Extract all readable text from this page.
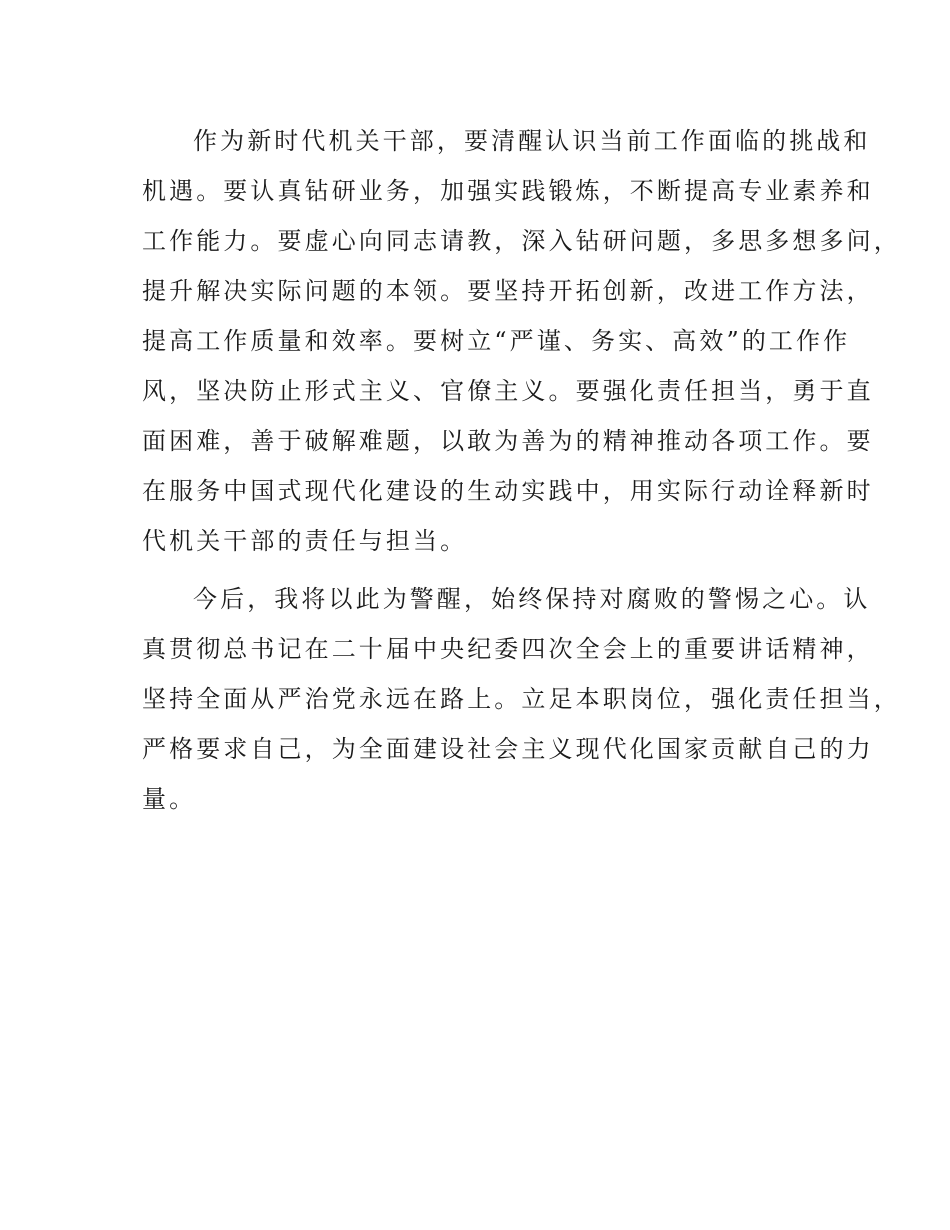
作为新时代机关干部，要清醒认识当前工作面临的挑战和
机遇。要认真钻研业务，加强实践锻炼，不断提高专业素养和
工作能力。要虚心向同志请教，深入钻研问题，多思多想多问，
提升解决实际问题的本领。要坚持开拓创新，改进工作方法，
提高工作质量和效率。要树立“严谨、务实、高效”的工作作
风，坚决防止形式主义、官僚主义。要强化责任担当，勇于直
面困难，善于破解难题，以敢为善为的精神推动各项工作。要
在服务中国式现代化建设的生动实践中，用实际行动诠释新时
代机关干部的责任与担当。

今后，我将以此为警醒，始终保持对腐败的警惕之心。认
真贯彻总书记在二十届中央纪委四次全会上的重要讲话精神，
坚持全面从严治党永远在路上。立足本职岗位，强化责任担当，
严格要求自己，为全面建设社会主义现代化国家贡献自己的力
量。
